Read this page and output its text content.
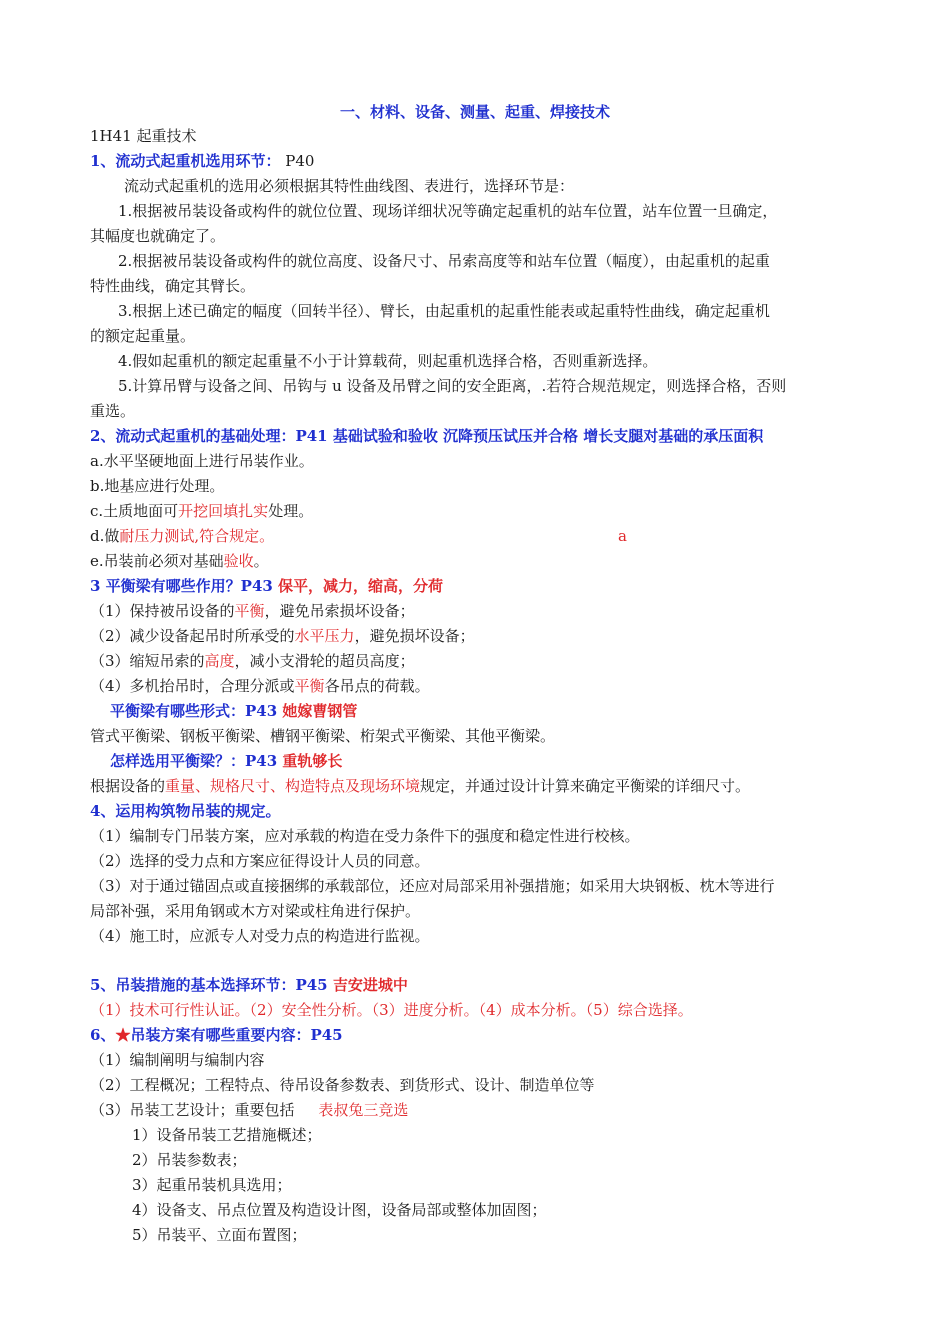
一、材料、设备、测量、起重、焊接技术
1H41 起重技术
1、流动式起重机选用环节： P40
流动式起重机的选用必须根据其特性曲线图、表进行，选择环节是：
1.根据被吊装设备或构件的就位位置、现场详细状况等确定起重机的站车位置，站车位置一旦确定，
其幅度也就确定了。
2.根据被吊装设备或构件的就位高度、设备尺寸、吊索高度等和站车位置（幅度），由起重机的起重
特性曲线，确定其臂长。
3.根据上述已确定的幅度（回转半径）、臂长，由起重机的起重性能表或起重特性曲线，确定起重机
的额定起重量。
4.假如起重机的额定起重量不小于计算载荷，则起重机选择合格，否则重新选择。
5.计算吊臂与设备之间、吊钩与 u 设备及吊臂之间的安全距离，.若符合规范规定，则选择合格，否则
重选。
2、流动式起重机的基础处理：P41 基础试验和验收 沉降预压试压并合格 增长支腿对基础的承压面积
a.水平坚硬地面上进行吊装作业。
b.地基应进行处理。
c.土质地面可开挖回填扎实处理。
d.做耐压力测试,符合规定。	a
e.吊装前必须对基础验收。
3 平衡梁有哪些作用？P43 保平，减力，缩高，分荷
（1）保持被吊设备的平衡，避免吊索损坏设备；
（2）减少设备起吊时所承受的水平压力，避免损坏设备；
（3）缩短吊索的高度，减小支滑轮的超员高度；
（4）多机抬吊时，合理分派或平衡各吊点的荷载。
平衡梁有哪些形式：P43 她嫁曹钢管
管式平衡梁、钢板平衡梁、槽钢平衡梁、桁架式平衡梁、其他平衡梁。
怎样选用平衡梁？：P43 重轨够长
根据设备的重量、规格尺寸、构造特点及现场环境规定，并通过设计计算来确定平衡梁的详细尺寸。
4、运用构筑物吊装的规定。
（1）编制专门吊装方案，应对承载的构造在受力条件下的强度和稳定性进行校核。
（2）选择的受力点和方案应征得设计人员的同意。
（3）对于通过锚固点或直接捆绑的承载部位，还应对局部采用补强措施；如采用大块钢板、枕木等进行
局部补强，采用角钢或木方对梁或柱角进行保护。
（4）施工时，应派专人对受力点的构造进行监视。
5、吊装措施的基本选择环节：P45 吉安进城中
（1）技术可行性认证。（2）安全性分析。（3）进度分析。（4）成本分析。（5）综合选择。
6、★吊装方案有哪些重要内容：P45
（1）编制阐明与编制内容
（2）工程概况；工程特点、待吊设备参数表、到货形式、设计、制造单位等
（3）吊装工艺设计；重要包括     表叔兔三竞选
1）设备吊装工艺措施概述；
2）吊装参数表；
3）起重吊装机具选用；
4）设备支、吊点位置及构造设计图，设备局部或整体加固图；
5）吊装平、立面布置图；
